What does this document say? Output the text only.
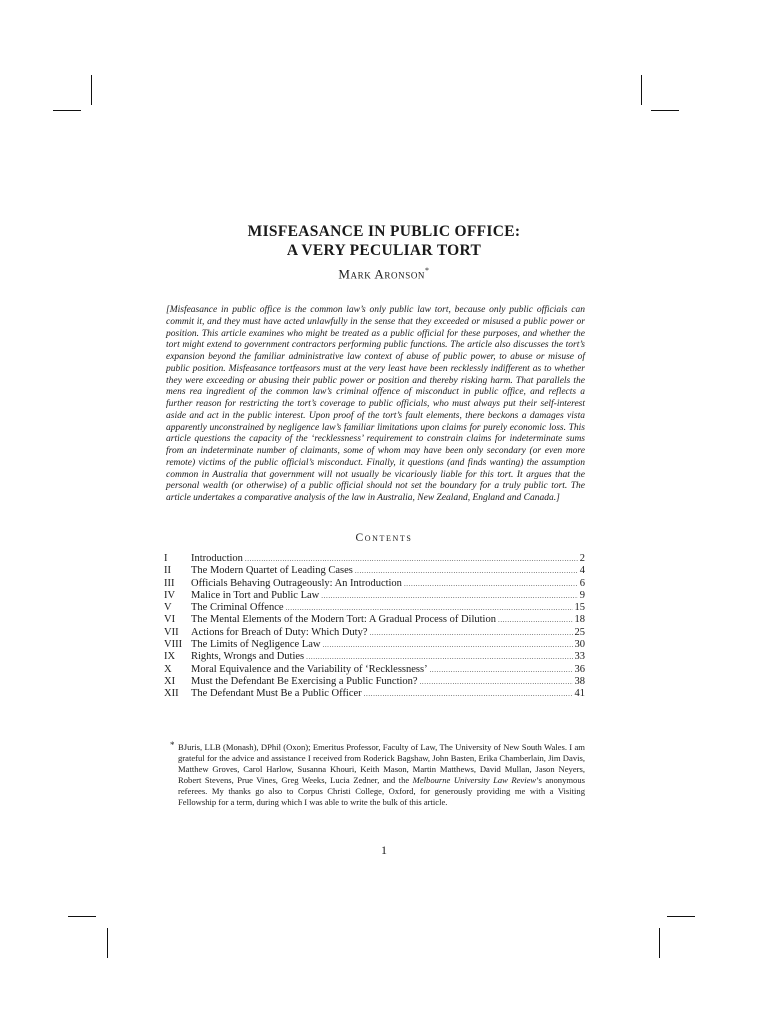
MISFEASANCE IN PUBLIC OFFICE:
A VERY PECULIAR TORT
Mark Aronson*
[Misfeasance in public office is the common law’s only public law tort, because only public officials can commit it, and they must have acted unlawfully in the sense that they exceeded or misused a public power or position. This article examines who might be treated as a public official for these purposes, and whether the tort might extend to government contractors performing public functions. The article also discusses the tort’s expansion beyond the familiar administrative law context of abuse of public power, to abuse or misuse of public position. Misfeasance tortfeasors must at the very least have been recklessly indifferent as to whether they were exceeding or abusing their public power or position and thereby risking harm. That parallels the mens rea ingredient of the common law’s criminal offence of misconduct in public office, and reflects a further reason for restricting the tort’s coverage to public officials, who must always put their self-interest aside and act in the public interest. Upon proof of the tort’s fault elements, there beckons a damages vista apparently unconstrained by negligence law’s familiar limitations upon claims for purely economic loss. This article questions the capacity of the ‘recklessness’ requirement to constrain claims for indeterminate sums from an indeterminate number of claimants, some of whom may have been only secondary (or even more remote) victims of the public official’s misconduct. Finally, it questions (and finds wanting) the assumption common in Australia that government will not usually be vicariously liable for this tort. It argues that the personal wealth (or otherwise) of a public official should not set the boundary for a truly public tort. The article undertakes a comparative analysis of the law in Australia, New Zealand, England and Canada.]
Contents
I	Introduction .....	2
II	The Modern Quartet of Leading Cases .....	4
III	Officials Behaving Outrageously: An Introduction .....	6
IV	Malice in Tort and Public Law .....	9
V	The Criminal Offence .....	15
VI	The Mental Elements of the Modern Tort: A Gradual Process of Dilution .....	18
VII	Actions for Breach of Duty: Which Duty? .....	25
VIII The Limits of Negligence Law .....	30
IX	Rights, Wrongs and Duties .....	33
X	Moral Equivalence and the Variability of ‘Recklessness’ .....	36
XI	Must the Defendant Be Exercising a Public Function? .....	38
XII	The Defendant Must Be a Public Officer .....	41
* BJuris, LLB (Monash), DPhil (Oxon); Emeritus Professor, Faculty of Law, The University of New South Wales. I am grateful for the advice and assistance I received from Roderick Bagshaw, John Basten, Erika Chamberlain, Jim Davis, Matthew Groves, Carol Harlow, Susanna Khouri, Keith Mason, Martin Matthews, David Mullan, Jason Neyers, Robert Stevens, Prue Vines, Greg Weeks, Lucia Zedner, and the Melbourne University Law Review’s anonymous referees. My thanks go also to Corpus Christi College, Oxford, for generously providing me with a Visiting Fellowship for a term, during which I was able to write the bulk of this article.
1
